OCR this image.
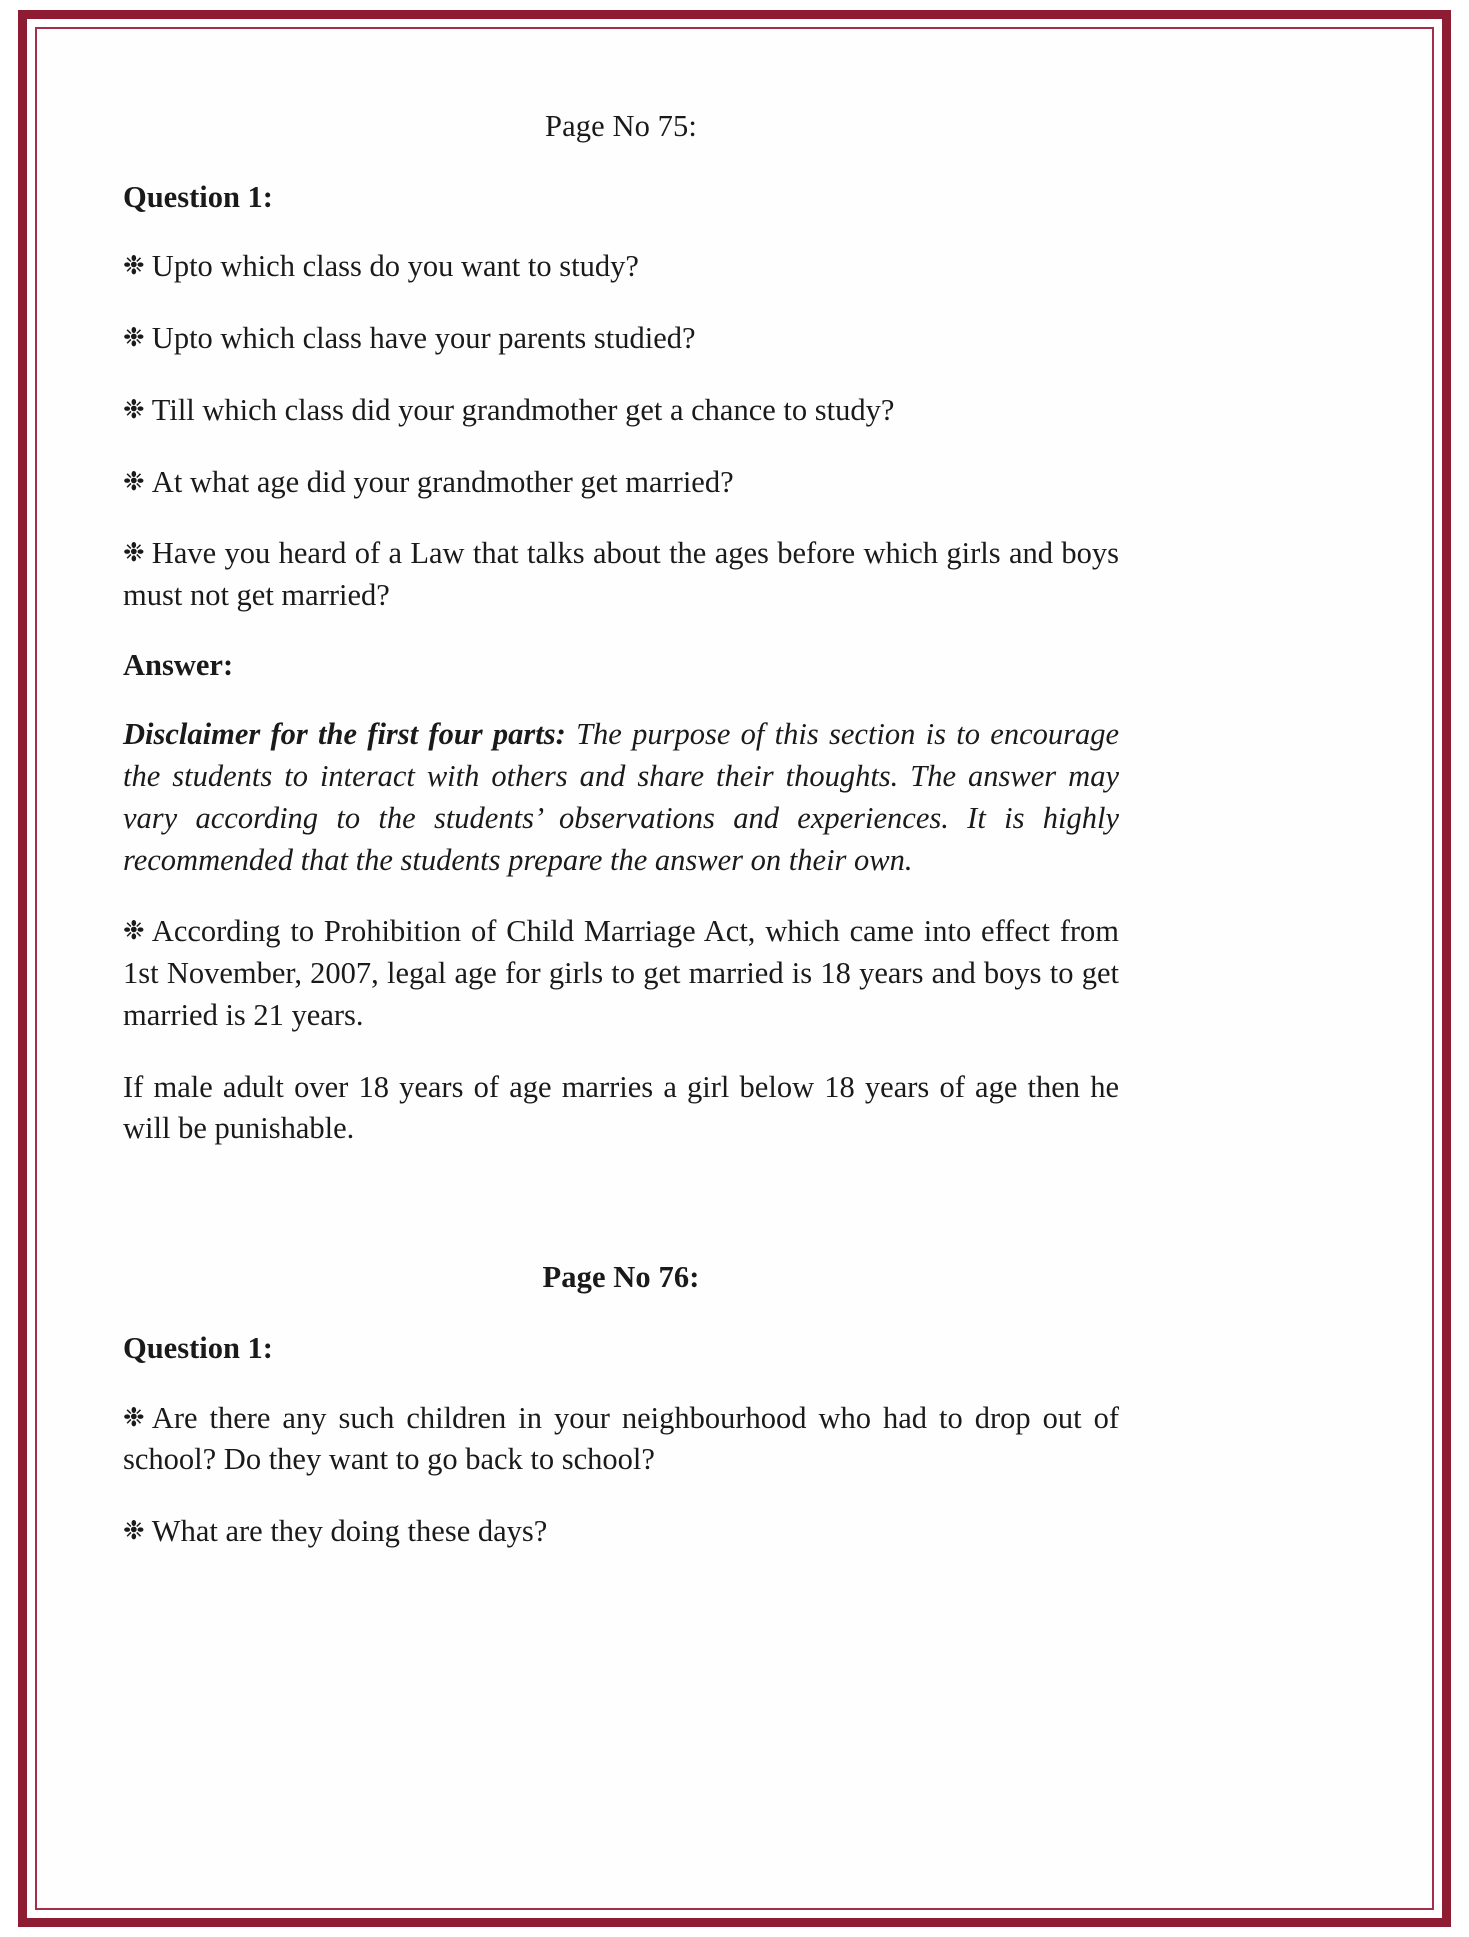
Page No 75:
Question 1:

❉ Upto which class do you want to study?

❉ Upto which class have your parents studied?

❉ Till which class did your grandmother get a chance to study?

❉ At what age did your grandmother get married?

❉ Have you heard of a Law that talks about the ages before which girls and boys must not get married?

Answer:

Disclaimer for the first four parts: The purpose of this section is to encourage the students to interact with others and share their thoughts. The answer may vary according to the students’ observations and experiences. It is highly recommended that the students prepare the answer on their own.

❉ According to Prohibition of Child Marriage Act, which came into effect from 1st November, 2007, legal age for girls to get married is 18 years and boys to get married is 21 years.

If male adult over 18 years of age marries a girl below 18 years of age then he will be punishable.

Page No 76:
Question 1:

❉ Are there any such children in your neighbourhood who had to drop out of school? Do they want to go back to school?

❉ What are they doing these days?
